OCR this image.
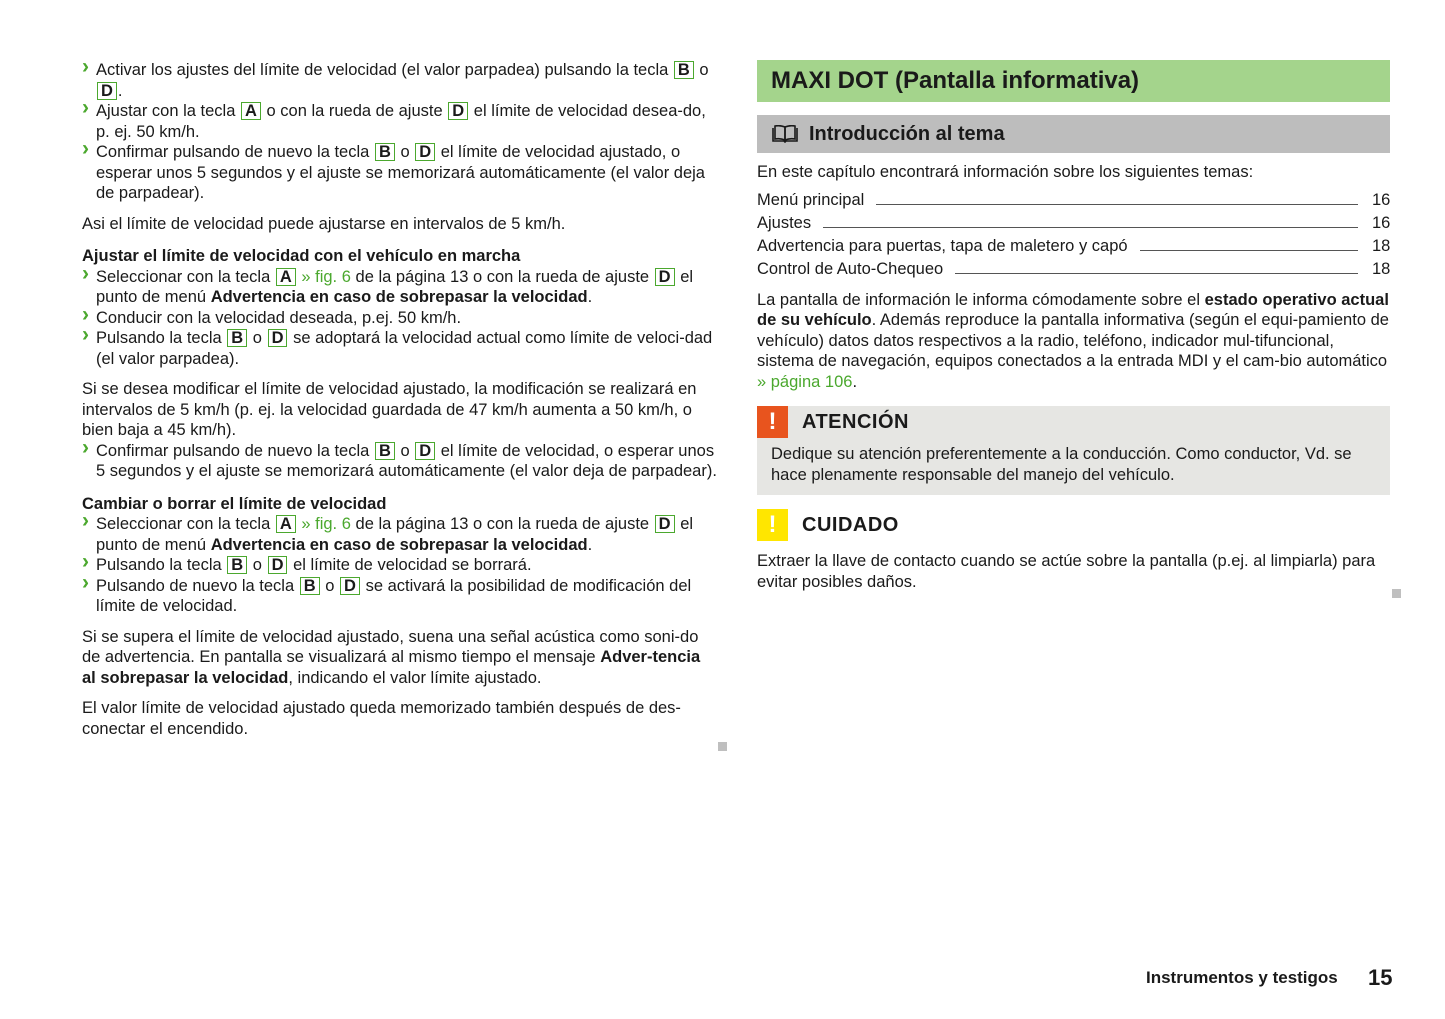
› Activar los ajustes del límite de velocidad (el valor parpadea) pulsando la tecla B o D .

› Ajustar con la tecla A o con la rueda de ajuste D el límite de velocidad desea-do, p. ej. 50 km/h.

› Confirmar pulsando de nuevo la tecla B o D el límite de velocidad ajustado, o esperar unos 5 segundos y el ajuste se memorizará automáticamente (el valor deja de parpadear).

Asi el límite de velocidad puede ajustarse en intervalos de 5 km/h.

Ajustar el límite de velocidad con el vehículo en marcha

› Seleccionar con la tecla A » fig. 6 de la página 13 o con la rueda de ajuste D el punto de menú Advertencia en caso de sobrepasar la velocidad.

› Conducir con la velocidad deseada, p.ej. 50 km/h.

› Pulsando la tecla B o D se adoptará la velocidad actual como límite de veloci-dad (el valor parpadea).

Si se desea modificar el límite de velocidad ajustado, la modificación se realizará en intervalos de 5 km/h (p. ej. la velocidad guardada de 47 km/h aumenta a 50 km/h, o bien baja a 45 km/h).

› Confirmar pulsando de nuevo la tecla B o D el límite de velocidad, o esperar unos 5 segundos y el ajuste se memorizará automáticamente (el valor deja de parpadear).

Cambiar o borrar el límite de velocidad

› Seleccionar con la tecla A » fig. 6 de la página 13 o con la rueda de ajuste D el punto de menú Advertencia en caso de sobrepasar la velocidad.

› Pulsando la tecla B o D el límite de velocidad se borrará.

› Pulsando de nuevo la tecla B o D se activará la posibilidad de modificación del límite de velocidad.

Si se supera el límite de velocidad ajustado, suena una señal acústica como soni-do de advertencia. En pantalla se visualizará al mismo tiempo el mensaje Adver-tencia al sobrepasar la velocidad, indicando el valor límite ajustado.

El valor límite de velocidad ajustado queda memorizado también después de des-conectar el encendido.

MAXI DOT (Pantalla informativa)
Introducción al tema

En este capítulo encontrará información sobre los siguientes temas:

Menú principal	16
Ajustes	16
Advertencia para puertas, tapa de maletero y capó	18
Control de Auto-Chequeo	18

La pantalla de información le informa cómodamente sobre el estado operativo actual de su vehículo. Además reproduce la pantalla informativa (según el equi-pamiento de vehículo) datos datos respectivos a la radio, teléfono, indicador mul-tifuncional, sistema de navegación, equipos conectados a la entrada MDI y el cam-bio automático » página 106.

!	ATENCIÓN

Dedique su atención preferentemente a la conducción. Como conductor, Vd. se hace plenamente responsable del manejo del vehículo.

!	CUIDADO

Extraer la llave de contacto cuando se actúe sobre la pantalla (p.ej. al limpiarla) para evitar posibles daños.

Instrumentos y testigos 15
